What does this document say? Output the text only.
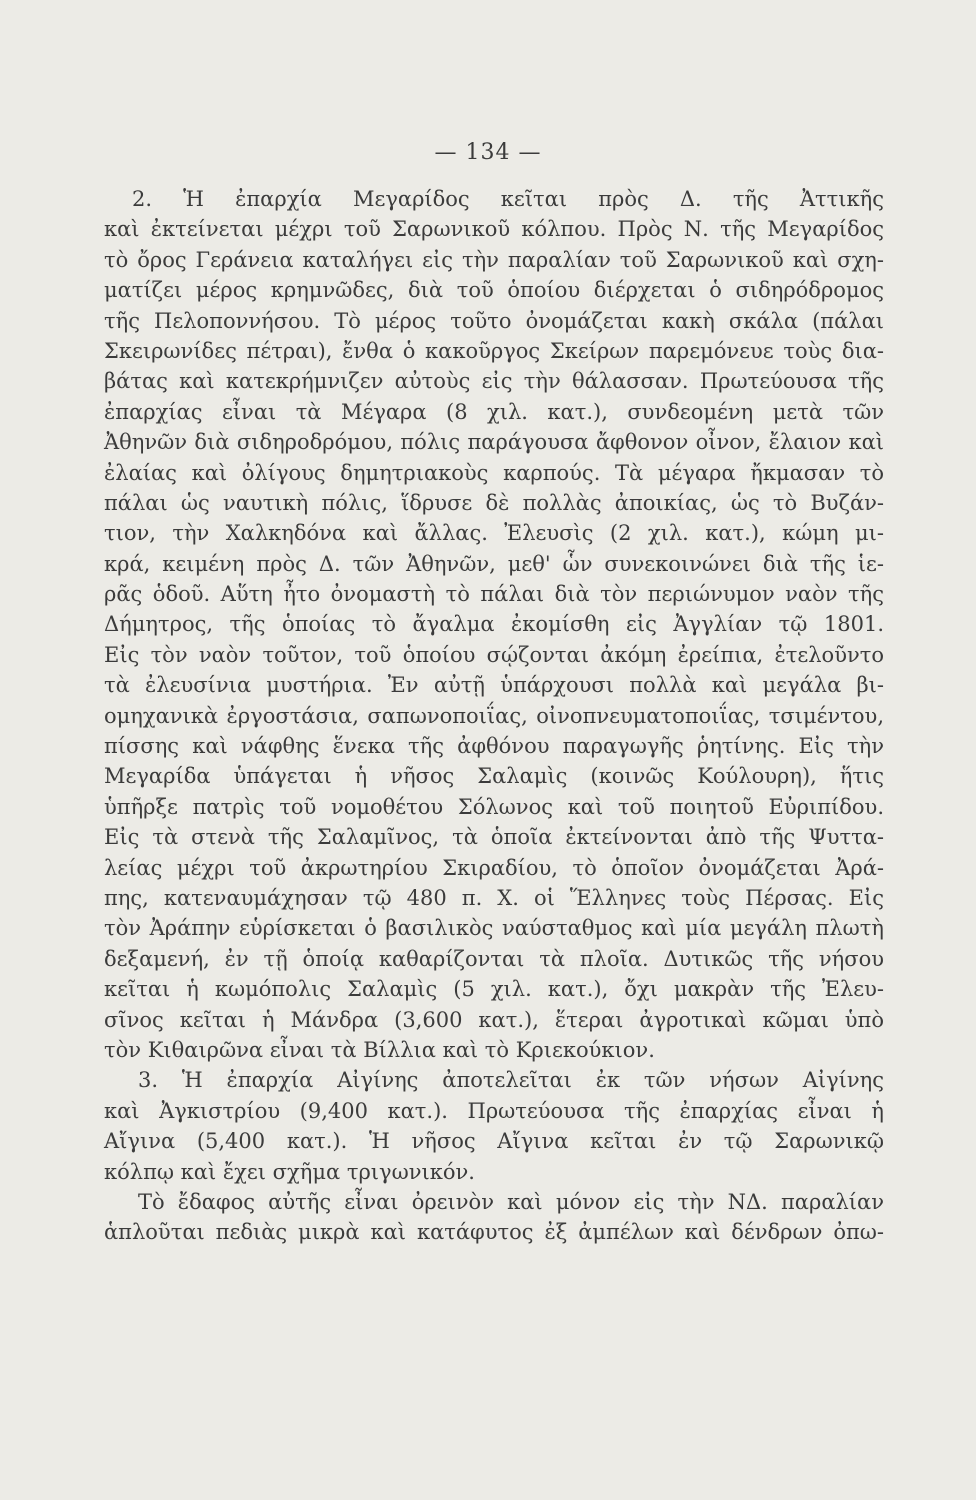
— 134 —
2. Ἡ ἐπαρχία Μεγαρίδος κεῖται πρὸς Δ. τῆς Ἀττικῆς
καὶ ἐκτείνεται μέχρι τοῦ Σαρωνικοῦ κόλπου. Πρὸς Ν. τῆς Μεγαρίδος
τὸ ὄρος Γεράνεια καταλήγει εἰς τὴν παραλίαν τοῦ Σαρωνικοῦ καὶ σχη-
ματίζει μέρος κρημνῶδες, διὰ τοῦ ὁποίου διέρχεται ὁ σιδηρόδρομος
τῆς Πελοποννήσου. Τὸ μέρος τοῦτο ὀνομάζεται κακὴ σκάλα (πάλαι
Σκειρωνίδες πέτραι), ἔνθα ὁ κακοῦργος Σκείρων παρεμόνευε τοὺς δια-
βάτας καὶ κατεκρήμνιζεν αὐτοὺς εἰς τὴν θάλασσαν. Πρωτεύουσα τῆς
ἐπαρχίας εἶναι τὰ Μέγαρα (8 χιλ. κατ.), συνδεομένη μετὰ τῶν
Ἀθηνῶν διὰ σιδηροδρόμου, πόλις παράγουσα ἄφθονον οἶνον, ἔλαιον καὶ
ἐλαίας καὶ ὀλίγους δημητριακοὺς καρπούς. Τὰ μέγαρα ἤκμασαν τὸ
πάλαι ὡς ναυτικὴ πόλις, ἵδρυσε δὲ πολλὰς ἀποικίας, ὡς τὸ Βυζάν-
τιον, τὴν Χαλκηδόνα καὶ ἄλλας. Ἐλευσὶς (2 χιλ. κατ.), κώμη μι-
κρά, κειμένη πρὸς Δ. τῶν Ἀθηνῶν, μεθ' ὧν συνεκοινώνει διὰ τῆς ἱε-
ρᾶς ὁδοῦ. Αὕτη ἦτο ὀνομαστὴ τὸ πάλαι διὰ τὸν περιώνυμον ναὸν τῆς
Δήμητρος, τῆς ὁποίας τὸ ἄγαλμα ἐκομίσθη εἰς Ἀγγλίαν τῷ 1801.
Εἰς τὸν ναὸν τοῦτον, τοῦ ὁποίου σῴζονται ἀκόμη ἐρείπια, ἐτελοῦντο
τὰ ἐλευσίνια μυστήρια. Ἐν αὐτῇ ὑπάρχουσι πολλὰ καὶ μεγάλα βι-
ομηχανικὰ ἐργοστάσια, σαπωνοποιΐας, οἰνοπνευματοποιΐας, τσιμέντου,
πίσσης καὶ νάφθης ἕνεκα τῆς ἀφθόνου παραγωγῆς ῥητίνης. Εἰς τὴν
Μεγαρίδα ὑπάγεται ἡ νῆσος Σαλαμὶς (κοινῶς Κούλουρη), ἥτις
ὑπῆρξε πατρὶς τοῦ νομοθέτου Σόλωνος καὶ τοῦ ποιητοῦ Εὐριπίδου.
Εἰς τὰ στενὰ τῆς Σαλαμῖνος, τὰ ὁποῖα ἐκτείνονται ἀπὸ τῆς Ψυττα-
λείας μέχρι τοῦ ἀκρωτηρίου Σκιραδίου, τὸ ὁποῖον ὀνομάζεται Ἀρά-
πης, κατεναυμάχησαν τῷ 480 π. Χ. οἱ Ἕλληνες τοὺς Πέρσας. Εἰς
τὸν Ἀράπην εὑρίσκεται ὁ βασιλικὸς ναύσταθμος καὶ μία μεγάλη πλωτὴ
δεξαμενή, ἐν τῇ ὁποίᾳ καθαρίζονται τὰ πλοῖα. Δυτικῶς τῆς νήσου
κεῖται ἡ κωμόπολις Σαλαμὶς (5 χιλ. κατ.), ὄχι μακρὰν τῆς Ἐλευ-
σῖνος κεῖται ἡ Μάνδρα (3,600 κατ.), ἕτεραι ἀγροτικαὶ κῶμαι ὑπὸ
τὸν Κιθαιρῶνα εἶναι τὰ Βίλλια καὶ τὸ Κριεκούκιον.
3. Ἡ ἐπαρχία Αἰγίνης ἀποτελεῖται ἐκ τῶν νήσων Αἰγίνης
καὶ Ἀγκιστρίου (9,400 κατ.). Πρωτεύουσα τῆς ἐπαρχίας εἶναι ἡ
Αἴγινα (5,400 κατ.). Ἡ νῆσος Αἴγινα κεῖται ἐν τῷ Σαρωνικῷ
κόλπῳ καὶ ἔχει σχῆμα τριγωνικόν.
Τὸ ἔδαφος αὐτῆς εἶναι ὀρεινὸν καὶ μόνον εἰς τὴν ΝΔ. παραλίαν
ἁπλοῦται πεδιὰς μικρὰ καὶ κατάφυτος ἐξ ἀμπέλων καὶ δένδρων ὀπω-
